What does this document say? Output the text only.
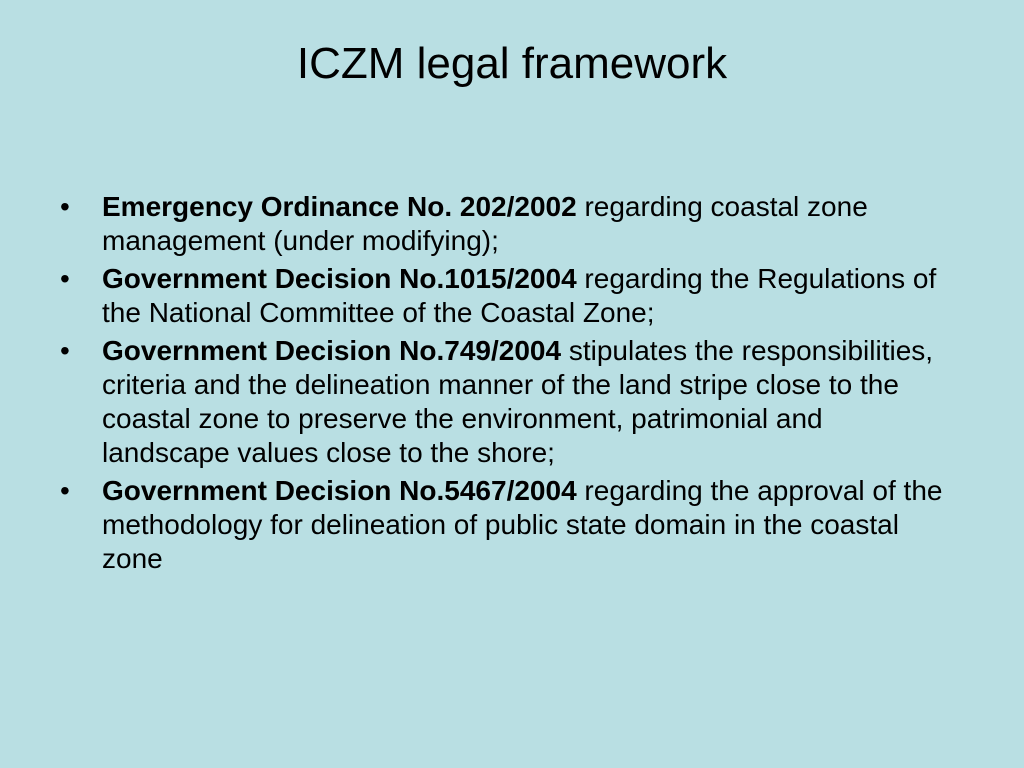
ICZM legal framework
•	Emergency Ordinance No. 202/2002 regarding coastal zone management (under modifying);
•	Government Decision No.1015/2004 regarding the Regulations of the National Committee of the Coastal Zone;
•	Government Decision No.749/2004 stipulates the responsibilities, criteria and the delineation manner of the land stripe close to the coastal zone to preserve the environment, patrimonial and landscape values close to the shore;
•	Government Decision No.5467/2004 regarding the approval of the methodology for delineation of public state domain in the coastal zone
